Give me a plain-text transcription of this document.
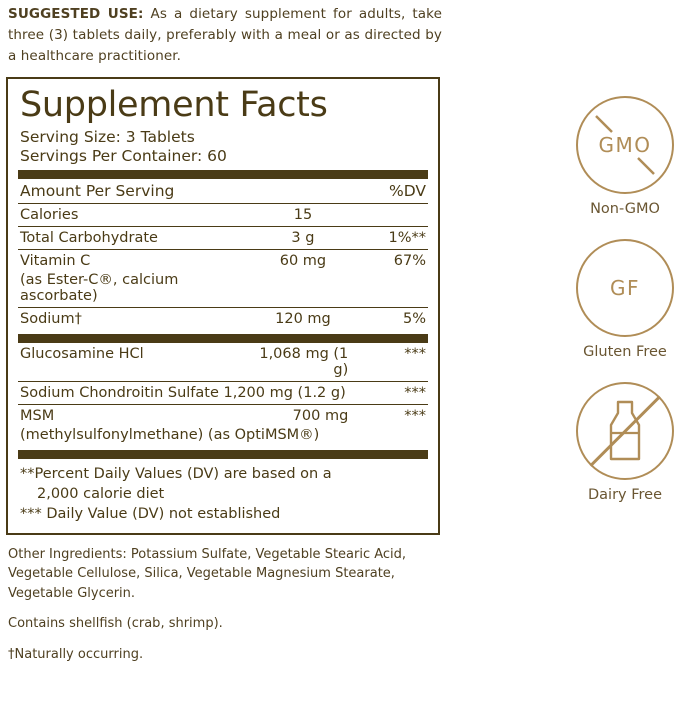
SUGGESTED USE: As a dietary supplement for adults, take three (3) tablets daily, preferably with a meal or as directed by a healthcare practitioner.
Supplement Facts
Serving Size: 3 Tablets
Servings Per Container: 60
Amount Per Serving		%DV
Calories	15	
Total Carbohydrate	3 g	1%**
Vitamin C	60 mg	67%
(as Ester-C®, calcium ascorbate)		
Sodium†	120 mg	5%
Glucosamine HCl	1,068 mg (1 g)	***
Sodium Chondroitin Sulfate 1,200 mg (1.2 g)		***
MSM	700 mg	***
(methylsulfonylmethane) (as OptiMSM®)		
**Percent Daily Values (DV) are based on a
2,000 calorie diet
*** Daily Value (DV) not established

Other Ingredients: Potassium Sulfate, Vegetable Stearic Acid, Vegetable Cellulose, Silica, Vegetable Magnesium Stearate, Vegetable Glycerin.

Contains shellfish (crab, shrimp).

†Naturally occurring.

GMO
Non-GMO
GF
Gluten Free
Dairy Free
